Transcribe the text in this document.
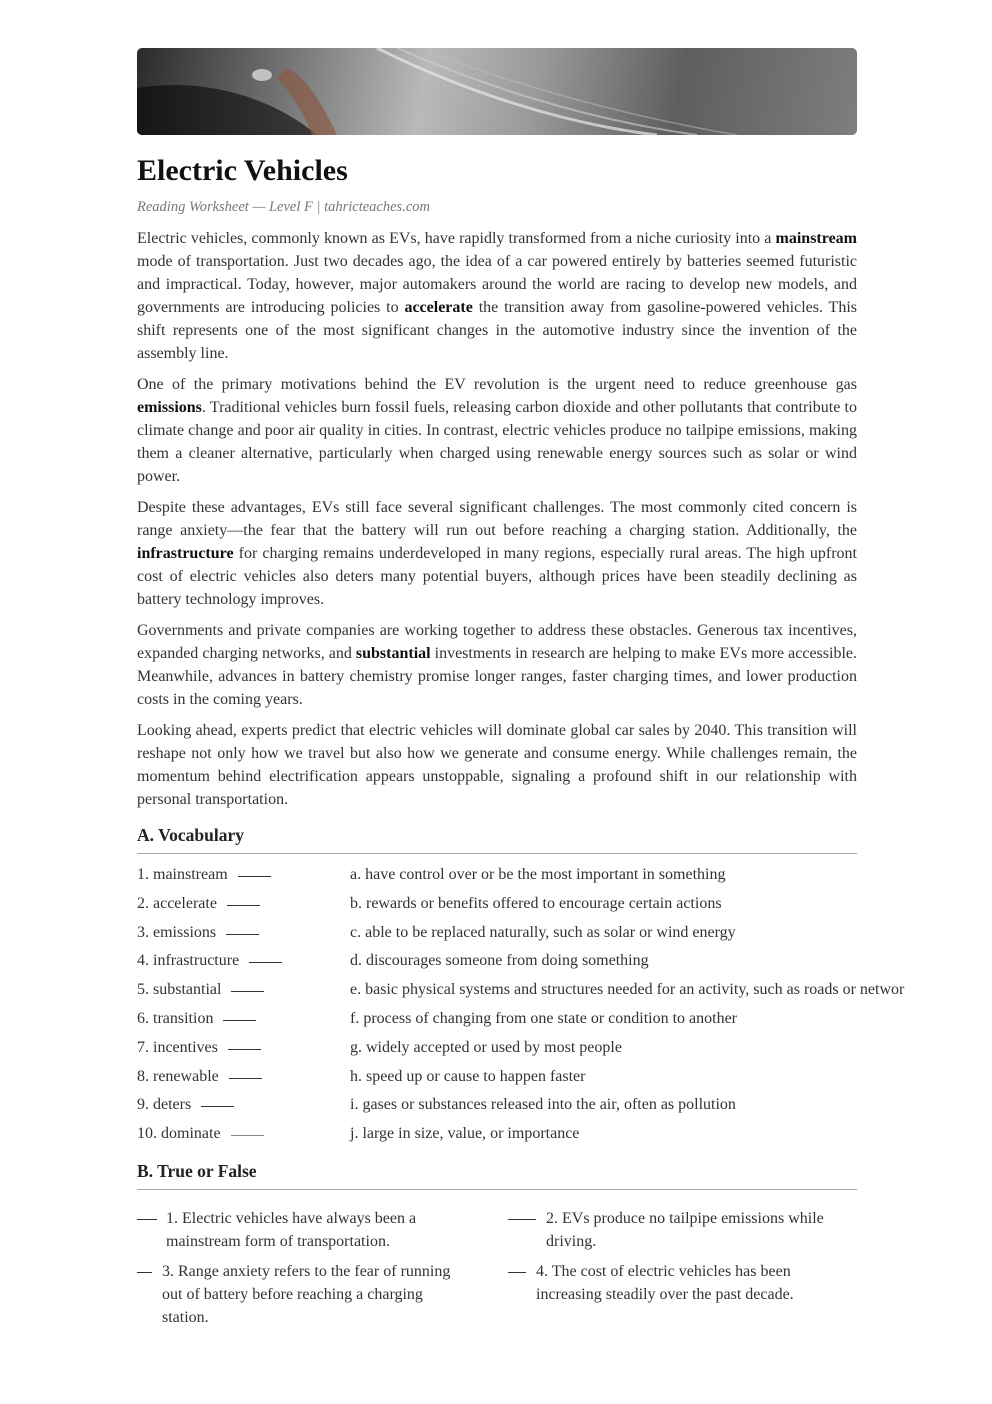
Electric Vehicles
Reading Worksheet — Level F | tahricteaches.com

Electric vehicles, commonly known as EVs, have rapidly transformed from a niche curiosity into a mainstream mode of transportation. Just two decades ago, the idea of a car powered entirely by batteries seemed futuristic and impractical. Today, however, major automakers around the world are racing to develop new models, and governments are introducing policies to accelerate the transition away from gasoline-powered vehicles. This shift represents one of the most significant changes in the automotive industry since the invention of the assembly line.

One of the primary motivations behind the EV revolution is the urgent need to reduce greenhouse gas emissions. Traditional vehicles burn fossil fuels, releasing carbon dioxide and other pollutants that contribute to climate change and poor air quality in cities. In contrast, electric vehicles produce no tailpipe emissions, making them a cleaner alternative, particularly when charged using renewable energy sources such as solar or wind power.

Despite these advantages, EVs still face several significant challenges. The most commonly cited concern is range anxiety—the fear that the battery will run out before reaching a charging station. Additionally, the infrastructure for charging remains underdeveloped in many regions, especially rural areas. The high upfront cost of electric vehicles also deters many potential buyers, although prices have been steadily declining as battery technology improves.

Governments and private companies are working together to address these obstacles. Generous tax incentives, expanded charging networks, and substantial investments in research are helping to make EVs more accessible. Meanwhile, advances in battery chemistry promise longer ranges, faster charging times, and lower production costs in the coming years.

Looking ahead, experts predict that electric vehicles will dominate global car sales by 2040. This transition will reshape not only how we travel but also how we generate and consume energy. While challenges remain, the momentum behind electrification appears unstoppable, signaling a profound shift in our relationship with personal transportation.

A. Vocabulary
1. mainstream	a. have control over or be the most important in something
2. accelerate	b. rewards or benefits offered to encourage certain actions
3. emissions	c. able to be replaced naturally, such as solar or wind energy
4. infrastructure	d. discourages someone from doing something
5. substantial	e. basic physical systems and structures needed for an activity, such as roads or networ
6. transition	f. process of changing from one state or condition to another
7. incentives	g. widely accepted or used by most people
8. renewable	h. speed up or cause to happen faster
9. deters	i. gases or substances released into the air, often as pollution
10. dominate	j. large in size, value, or importance
B. True or False
1. Electric vehicles have always been a
mainstream form of transportation.
2. EVs produce no tailpipe emissions while
driving.
3. Range anxiety refers to the fear of running
out of battery before reaching a charging
station.
4. The cost of electric vehicles has been
increasing steadily over the past decade.
